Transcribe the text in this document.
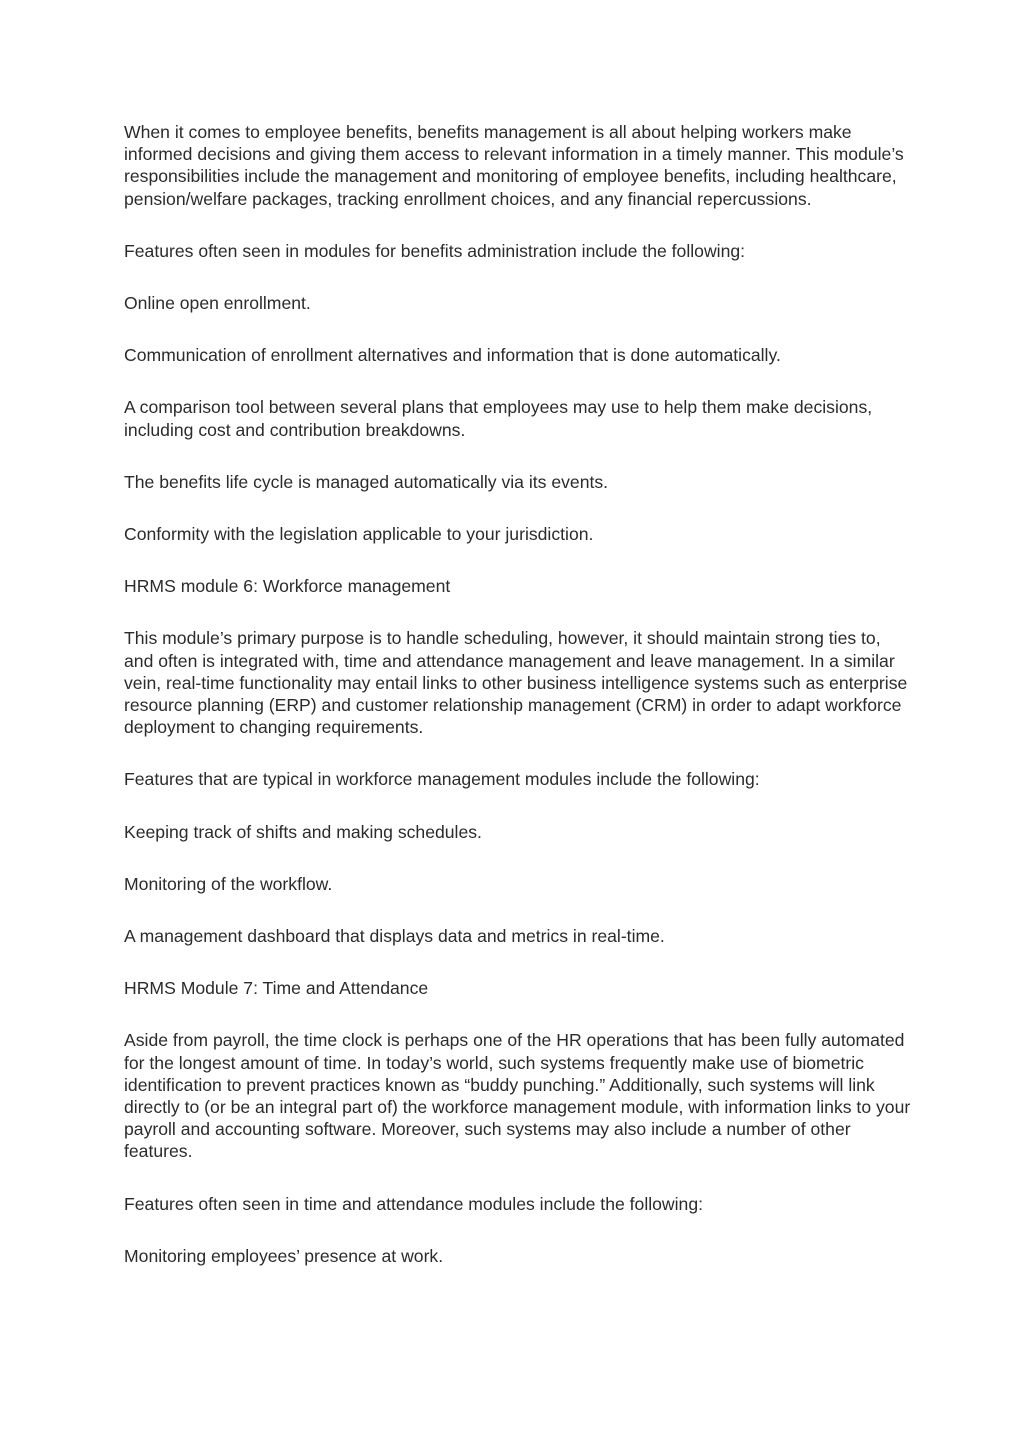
When it comes to employee benefits, benefits management is all about helping workers make informed decisions and giving them access to relevant information in a timely manner. This module’s responsibilities include the management and monitoring of employee benefits, including healthcare, pension/welfare packages, tracking enrollment choices, and any financial repercussions.

Features often seen in modules for benefits administration include the following:

Online open enrollment.

Communication of enrollment alternatives and information that is done automatically.

A comparison tool between several plans that employees may use to help them make decisions, including cost and contribution breakdowns.

The benefits life cycle is managed automatically via its events.

Conformity with the legislation applicable to your jurisdiction.

HRMS module 6: Workforce management

This module’s primary purpose is to handle scheduling, however, it should maintain strong ties to, and often is integrated with, time and attendance management and leave management. In a similar vein, real-time functionality may entail links to other business intelligence systems such as enterprise resource planning (ERP) and customer relationship management (CRM) in order to adapt workforce deployment to changing requirements.

Features that are typical in workforce management modules include the following:

Keeping track of shifts and making schedules.

Monitoring of the workflow.

A management dashboard that displays data and metrics in real-time.

HRMS Module 7: Time and Attendance

Aside from payroll, the time clock is perhaps one of the HR operations that has been fully automated for the longest amount of time. In today’s world, such systems frequently make use of biometric identification to prevent practices known as “buddy punching.” Additionally, such systems will link directly to (or be an integral part of) the workforce management module, with information links to your payroll and accounting software. Moreover, such systems may also include a number of other features.

Features often seen in time and attendance modules include the following:

Monitoring employees’ presence at work.
